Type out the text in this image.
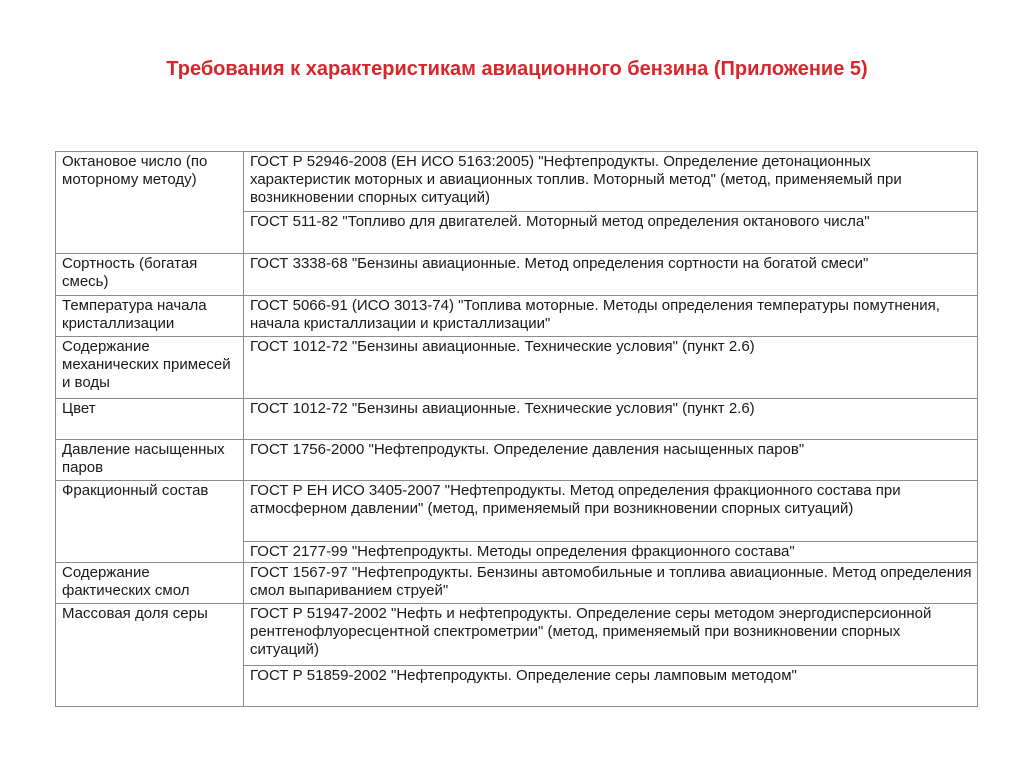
Требования к характеристикам авиационного бензина (Приложение 5)
Октановое число (по моторному методу)	ГОСТ Р 52946-2008 (ЕН ИСО 5163:2005) "Нефтепродукты. Определение детонационных характеристик моторных и авиационных топлив. Моторный метод" (метод, применяемый при возникновении спорных ситуаций)
	ГОСТ 511-82 "Топливо для двигателей. Моторный метод определения октанового числа"
Сортность (богатая смесь)	ГОСТ 3338-68 "Бензины авиационные. Метод определения сортности на богатой смеси"
Температура начала кристаллизации	ГОСТ 5066-91 (ИСО 3013-74) "Топлива моторные. Методы определения температуры помутнения, начала кристаллизации и кристаллизации"
Содержание механических примесей и воды	ГОСТ 1012-72 "Бензины авиационные. Технические условия" (пункт 2.6)
Цвет	ГОСТ 1012-72 "Бензины авиационные. Технические условия" (пункт 2.6)
Давление насыщенных паров	ГОСТ 1756-2000 "Нефтепродукты. Определение давления насыщенных паров"
Фракционный состав	ГОСТ Р ЕН ИСО 3405-2007 "Нефтепродукты. Метод определения фракционного состава при атмосферном давлении" (метод, применяемый при возникновении спорных ситуаций)
	ГОСТ 2177-99 "Нефтепродукты. Методы определения фракционного состава"
Содержание фактических смол	ГОСТ 1567-97 "Нефтепродукты. Бензины автомобильные и топлива авиационные. Метод определения смол выпариванием струей"
Массовая доля серы	ГОСТ Р 51947-2002 "Нефть и нефтепродукты. Определение серы методом энергодисперсионной рентгенофлуоресцентной спектрометрии" (метод, применяемый при возникновении спорных ситуаций)
	ГОСТ Р 51859-2002 "Нефтепродукты. Определение серы ламповым методом"
